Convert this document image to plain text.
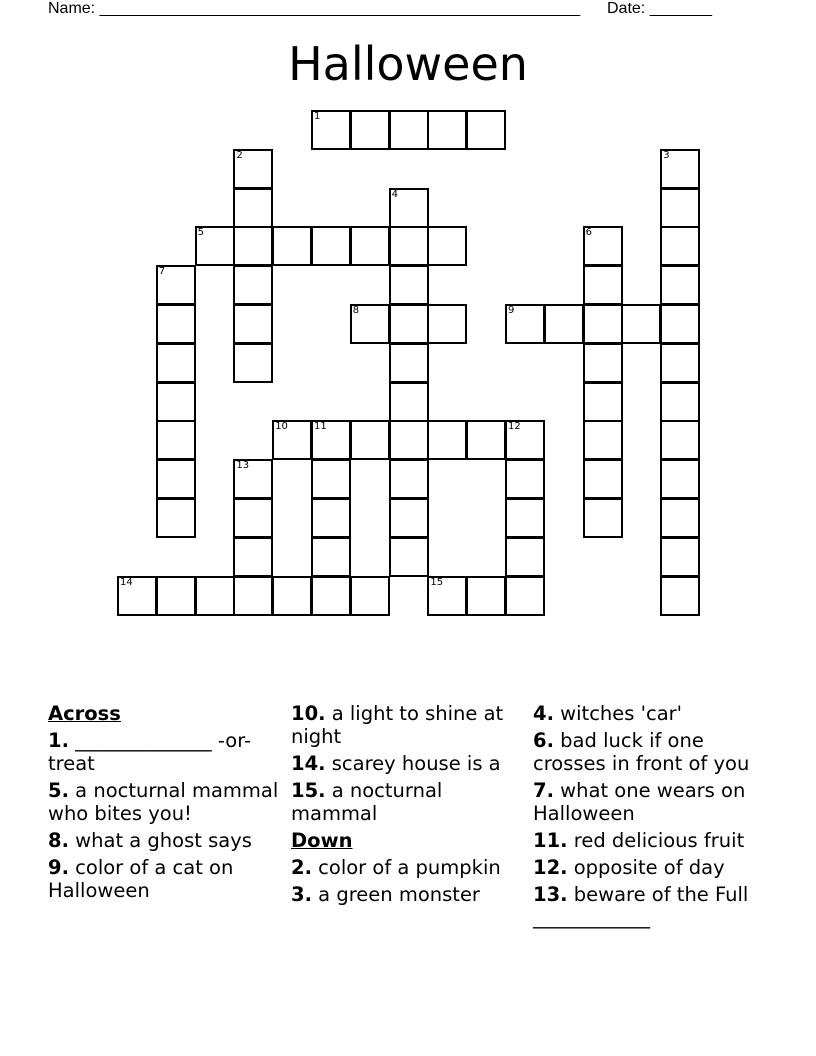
Name: ______________________________________________________ Date: _______
Halloween
1
2	3
4
5	6
7
8	9
10	11	12
13
14	15
Across
1. ______________ -or-treat
5. a nocturnal mammal who bites you!
8. what a ghost says
9. color of a cat on Halloween
10. a light to shine at night
14. scarey house is a
15. a nocturnal mammal
Down
2. color of a pumpkin
3. a green monster
4. witches 'car'
6. bad luck if one crosses in front of you
7. what one wears on Halloween
11. red delicious fruit
12. opposite of day
13. beware of the Full ____________
